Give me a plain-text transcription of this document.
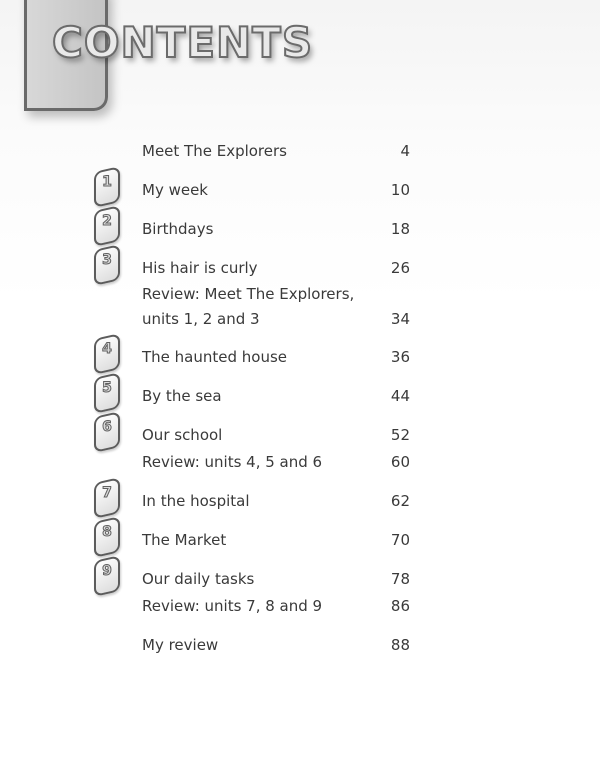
CONTENTS
Meet The Explorers	4
1	My week	10
2	Birthdays	18
3	His hair is curly	26
Review: Meet The Explorers,
units 1, 2 and 3	34
4	The haunted house	36
5	By the sea	44
6	Our school	52
Review: units 4, 5 and 6	60
7	In the hospital	62
8	The Market	70
9	Our daily tasks	78
Review: units 7, 8 and 9	86
My review	88
